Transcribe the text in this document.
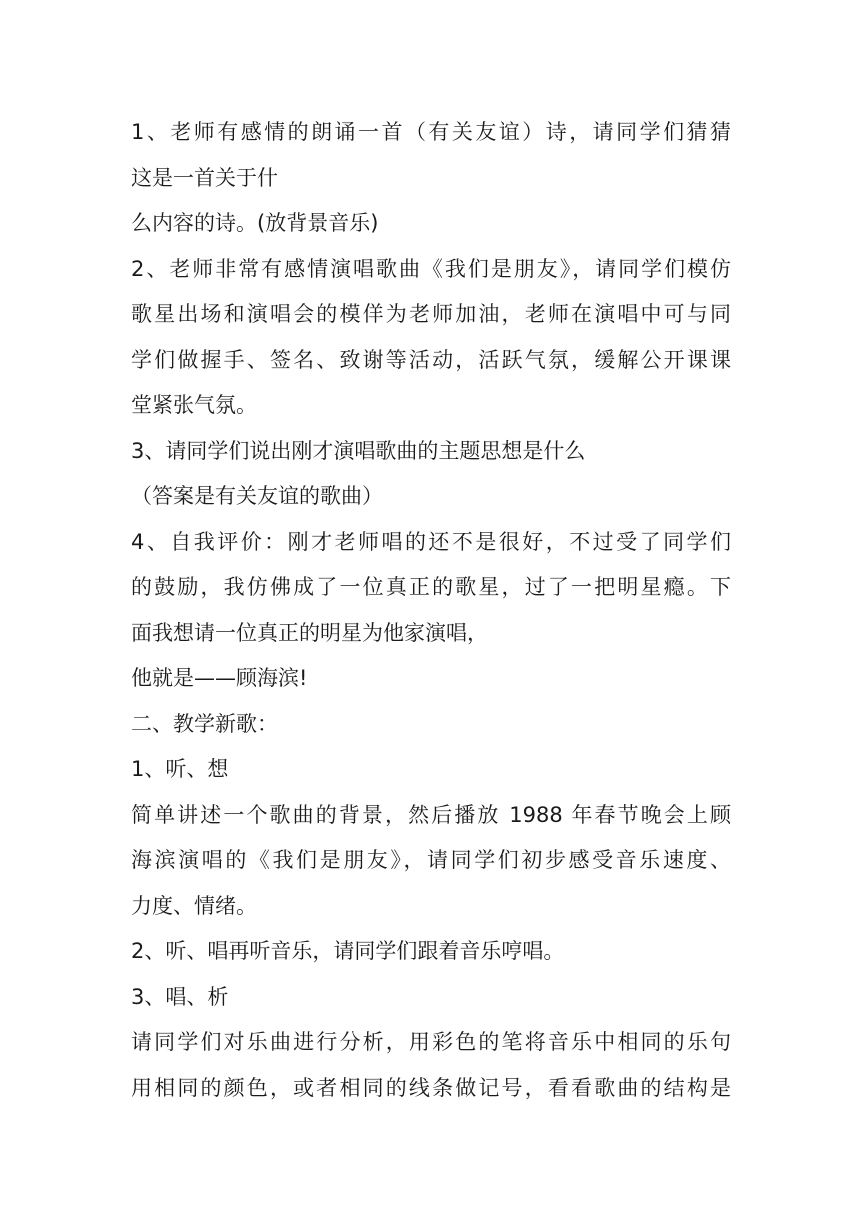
1、老师有感情的朗诵一首（有关友谊）诗，请同学们猜猜

这是一首关于什

么内容的诗。(放背景音乐)

2、老师非常有感情演唱歌曲《我们是朋友》，请同学们模仿

歌星出场和演唱会的模佯为老师加油，老师在演唱中可与同

学们做握手、签名、致谢等活动，活跃气氛，缓解公开课课

堂紧张气氛。

3、请同学们说出刚才演唱歌曲的主题思想是什么

（答案是有关友谊的歌曲）

4、自我评价：刚才老师唱的还不是很好，不过受了同学们

的鼓励，我仿佛成了一位真正的歌星，过了一把明星瘾。下

面我想请一位真正的明星为他家演唱，

他就是——顾海滨!

二、教学新歌：

1、听、想

简单讲述一个歌曲的背景，然后播放 1988 年春节晚会上顾

海滨演唱的《我们是朋友》，请同学们初步感受音乐速度、

力度、情绪。

2、听、唱再听音乐，请同学们跟着音乐哼唱。

3、唱、析

请同学们对乐曲进行分析，用彩色的笔将音乐中相同的乐句

用相同的颜色，或者相同的线条做记号，看看歌曲的结构是
